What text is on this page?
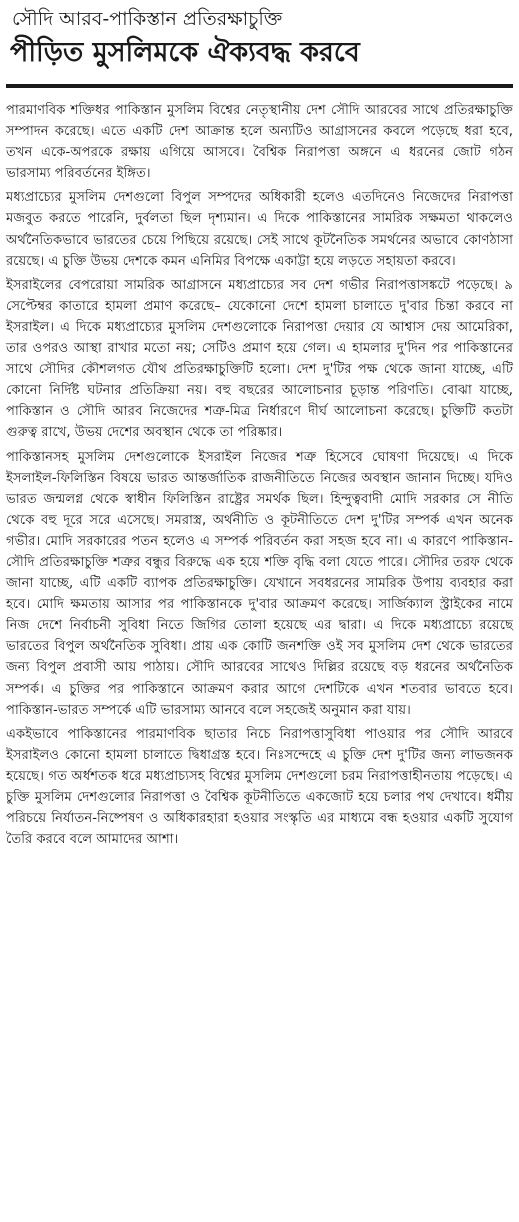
সৌদি আরব-পাকিস্তান প্রতিরক্ষাচুক্তি
পীড়িত মুসলিমকে ঐক্যবদ্ধ করবে

পারমাণবিক শক্তিধর পাকিস্তান মুসলিম বিশ্বের নেতৃস্থানীয় দেশ সৌদি আরবের সাথে প্রতিরক্ষাচুক্তি সম্পাদন করেছে। এতে একটি দেশ আক্রান্ত হলে অন্যটিও আগ্রাসনের কবলে পড়েছে ধরা হবে, তখন একে-অপরকে রক্ষায় এগিয়ে আসবে। বৈশ্বিক নিরাপত্তা অঙ্গনে এ ধরনের জোট গঠন ভারসাম্য পরিবর্তনের ইঙ্গিত।

মধ্যপ্রাচ্যের মুসলিম দেশগুলো বিপুল সম্পদের অধিকারী হলেও এতদিনেও নিজেদের নিরাপত্তা মজবুত করতে পারেনি, দুর্বলতা ছিল দৃশ্যমান। এ দিকে পাকিস্তানের সামরিক সক্ষমতা থাকলেও অর্থনৈতিকভাবে ভারতের চেয়ে পিছিয়ে রয়েছে। সেই সাথে কূটনৈতিক সমর্থনের অভাবে কোণঠাসা রয়েছে। এ চুক্তি উভয় দেশকে কমন এনিমির বিপক্ষে একাট্টা হয়ে লড়তে সহায়তা করবে।

ইসরাইলের বেপরোয়া সামরিক আগ্রাসনে মধ্যপ্রাচ্যের সব দেশ গভীর নিরাপত্তাসঙ্কটে পড়েছে। ৯ সেপ্টেম্বর কাতারে হামলা প্রমাণ করেছে– যেকোনো দেশে হামলা চালাতে দু'বার চিন্তা করবে না ইসরাইল। এ দিকে মধ্যপ্রাচ্যের মুসলিম দেশগুলোকে নিরাপত্তা দেয়ার যে আশ্বাস দেয় আমেরিকা, তার ওপরও আস্থা রাখার মতো নয়; সেটিও প্রমাণ হয়ে গেল। এ হামলার দু'দিন পর পাকিস্তানের সাথে সৌদির কৌশলগত যৌথ প্রতিরক্ষাচুক্তিটি হলো। দেশ দু'টির পক্ষ থেকে জানা যাচ্ছে, এটি কোনো নির্দিষ্ট ঘটনার প্রতিক্রিয়া নয়। বহু বছরের আলোচনার চূড়ান্ত পরিণতি। বোঝা যাচ্ছে, পাকিস্তান ও সৌদি আরব নিজেদের শত্রু-মিত্র নির্ধারণে দীর্ঘ আলোচনা করেছে। চুক্তিটি কতটা গুরুত্ব রাখে, উভয় দেশের অবস্থান থেকে তা পরিষ্কার।

পাকিস্তানসহ মুসলিম দেশগুলোকে ইসরাইল নিজের শত্রু হিসেবে ঘোষণা দিয়েছে। এ দিকে ইসলাইল-ফিলিস্তিন বিষয়ে ভারত আন্তর্জাতিক রাজনীতিতে নিজের অবস্থান জানান দিচ্ছে। যদিও ভারত জন্মলগ্ন থেকে স্বাধীন ফিলিস্তিন রাষ্ট্রের সমর্থক ছিল। হিন্দুত্ববাদী মোদি সরকার সে নীতি থেকে বহু দূরে সরে এসেছে। সমরাস্ত্র, অর্থনীতি ও কূটনীতিতে দেশ দু'টির সম্পর্ক এখন অনেক গভীর। মোদি সরকারের পতন হলেও এ সম্পর্ক পরিবর্তন করা সহজ হবে না। এ কারণে পাকিস্তান-সৌদি প্রতিরক্ষাচুক্তি শত্রুর বন্ধুর বিরুদ্ধে এক হয়ে শক্তি বৃদ্ধি বলা যেতে পারে। সৌদির তরফ থেকে জানা যাচ্ছে, এটি একটি ব্যাপক প্রতিরক্ষাচুক্তি। যেখানে সবধরনের সামরিক উপায় ব্যবহার করা হবে। মোদি ক্ষমতায় আসার পর পাকিস্তানকে দু'বার আক্রমণ করেছে। সার্জিক্যাল স্ট্রাইকের নামে নিজ দেশে নির্বাচনী সুবিধা নিতে জিগির তোলা হয়েছে এর দ্বারা। এ দিকে মধ্যপ্রাচ্যে রয়েছে ভারতের বিপুল অর্থনৈতিক সুবিধা। প্রায় এক কোটি জনশক্তি ওই সব মুসলিম দেশ থেকে ভারতের জন্য বিপুল প্রবাসী আয় পাঠায়। সৌদি আরবের সাথেও দিল্লির রয়েছে বড় ধরনের অর্থনৈতিক সম্পর্ক। এ চুক্তির পর পাকিস্তানে আক্রমণ করার আগে দেশটিকে এখন শতবার ভাবতে হবে। পাকিস্তান-ভারত সম্পর্কে এটি ভারসাম্য আনবে বলে সহজেই অনুমান করা যায়।

একইভাবে পাকিস্তানের পারমাণবিক ছাতার নিচে নিরাপত্তাসুবিধা পাওয়ার পর সৌদি আরবে ইসরাইলও কোনো হামলা চালাতে দ্বিধাগ্রস্ত হবে। নিঃসন্দেহে এ চুক্তি দেশ দু'টির জন্য লাভজনক হয়েছে। গত অর্ধশতক ধরে মধ্যপ্রাচ্যসহ বিশ্বের মুসলিম দেশগুলো চরম নিরাপত্তাহীনতায় পড়েছে। এ চুক্তি মুসলিম দেশগুলোর নিরাপত্তা ও বৈশ্বিক কূটনীতিতে একজোট হয়ে চলার পথ দেখাবে। ধর্মীয় পরিচয়ে নির্যাতন-নিষ্পেষণ ও অধিকারহারা হওয়ার সংস্কৃতি এর মাধ্যমে বন্ধ হওয়ার একটি সুযোগ তৈরি করবে বলে আমাদের আশা।
